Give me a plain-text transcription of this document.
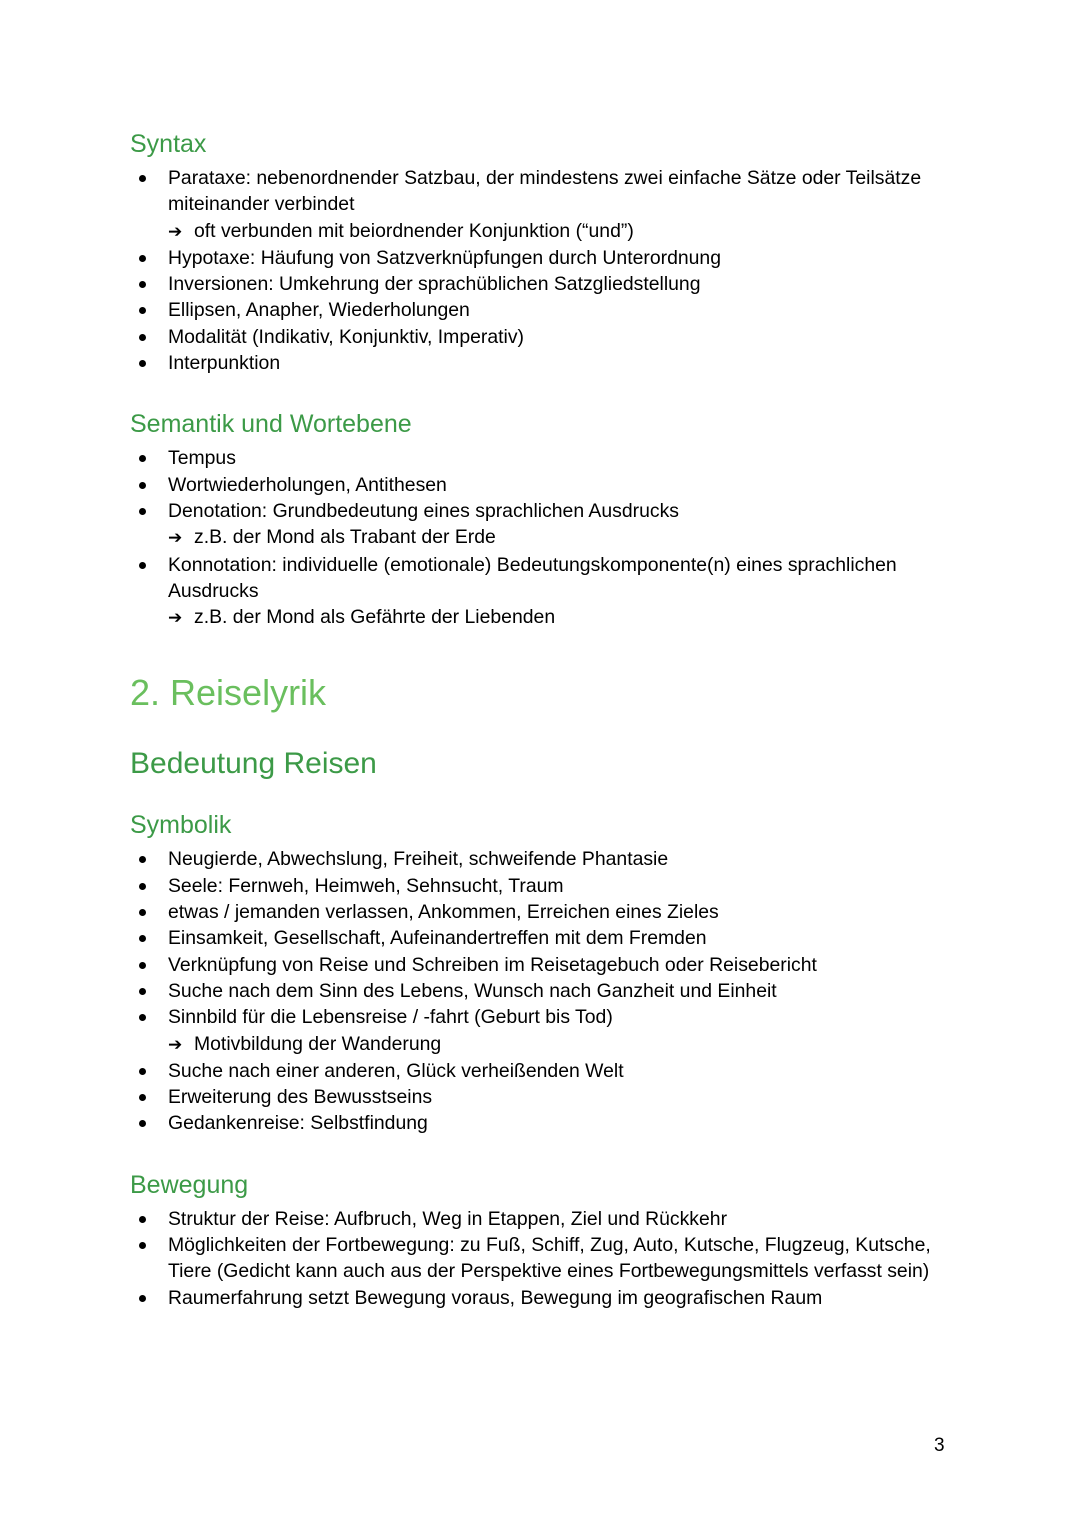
Syntax
Parataxe: nebenordnender Satzbau, der mindestens zwei einfache Sätze oder Teilsätze miteinander verbindet
➔ oft verbunden mit beiordnender Konjunktion (“und”)
Hypotaxe: Häufung von Satzverknüpfungen durch Unterordnung
Inversionen: Umkehrung der sprachüblichen Satzgliedstellung
Ellipsen, Anapher, Wiederholungen
Modalität (Indikativ, Konjunktiv, Imperativ)
Interpunktion
Semantik und Wortebene
Tempus
Wortwiederholungen, Antithesen
Denotation: Grundbedeutung eines sprachlichen Ausdrucks
➔ z.B. der Mond als Trabant der Erde
Konnotation: individuelle (emotionale) Bedeutungskomponente(n) eines sprachlichen Ausdrucks
➔ z.B. der Mond als Gefährte der Liebenden
2. Reiselyrik
Bedeutung Reisen
Symbolik
Neugierde, Abwechslung, Freiheit, schweifende Phantasie
Seele: Fernweh, Heimweh, Sehnsucht, Traum
etwas / jemanden verlassen, Ankommen, Erreichen eines Zieles
Einsamkeit, Gesellschaft, Aufeinandertreffen mit dem Fremden
Verknüpfung von Reise und Schreiben im Reisetagebuch oder Reisebericht
Suche nach dem Sinn des Lebens, Wunsch nach Ganzheit und Einheit
Sinnbild für die Lebensreise / -fahrt (Geburt bis Tod)
➔ Motivbildung der Wanderung
Suche nach einer anderen, Glück verheißenden Welt
Erweiterung des Bewusstseins
Gedankenreise: Selbstfindung
Bewegung
Struktur der Reise: Aufbruch, Weg in Etappen, Ziel und Rückkehr
Möglichkeiten der Fortbewegung: zu Fuß, Schiff, Zug, Auto, Kutsche, Flugzeug, Kutsche, Tiere (Gedicht kann auch aus der Perspektive eines Fortbewegungsmittels verfasst sein)
Raumerfahrung setzt Bewegung voraus, Bewegung im geografischen Raum
3
